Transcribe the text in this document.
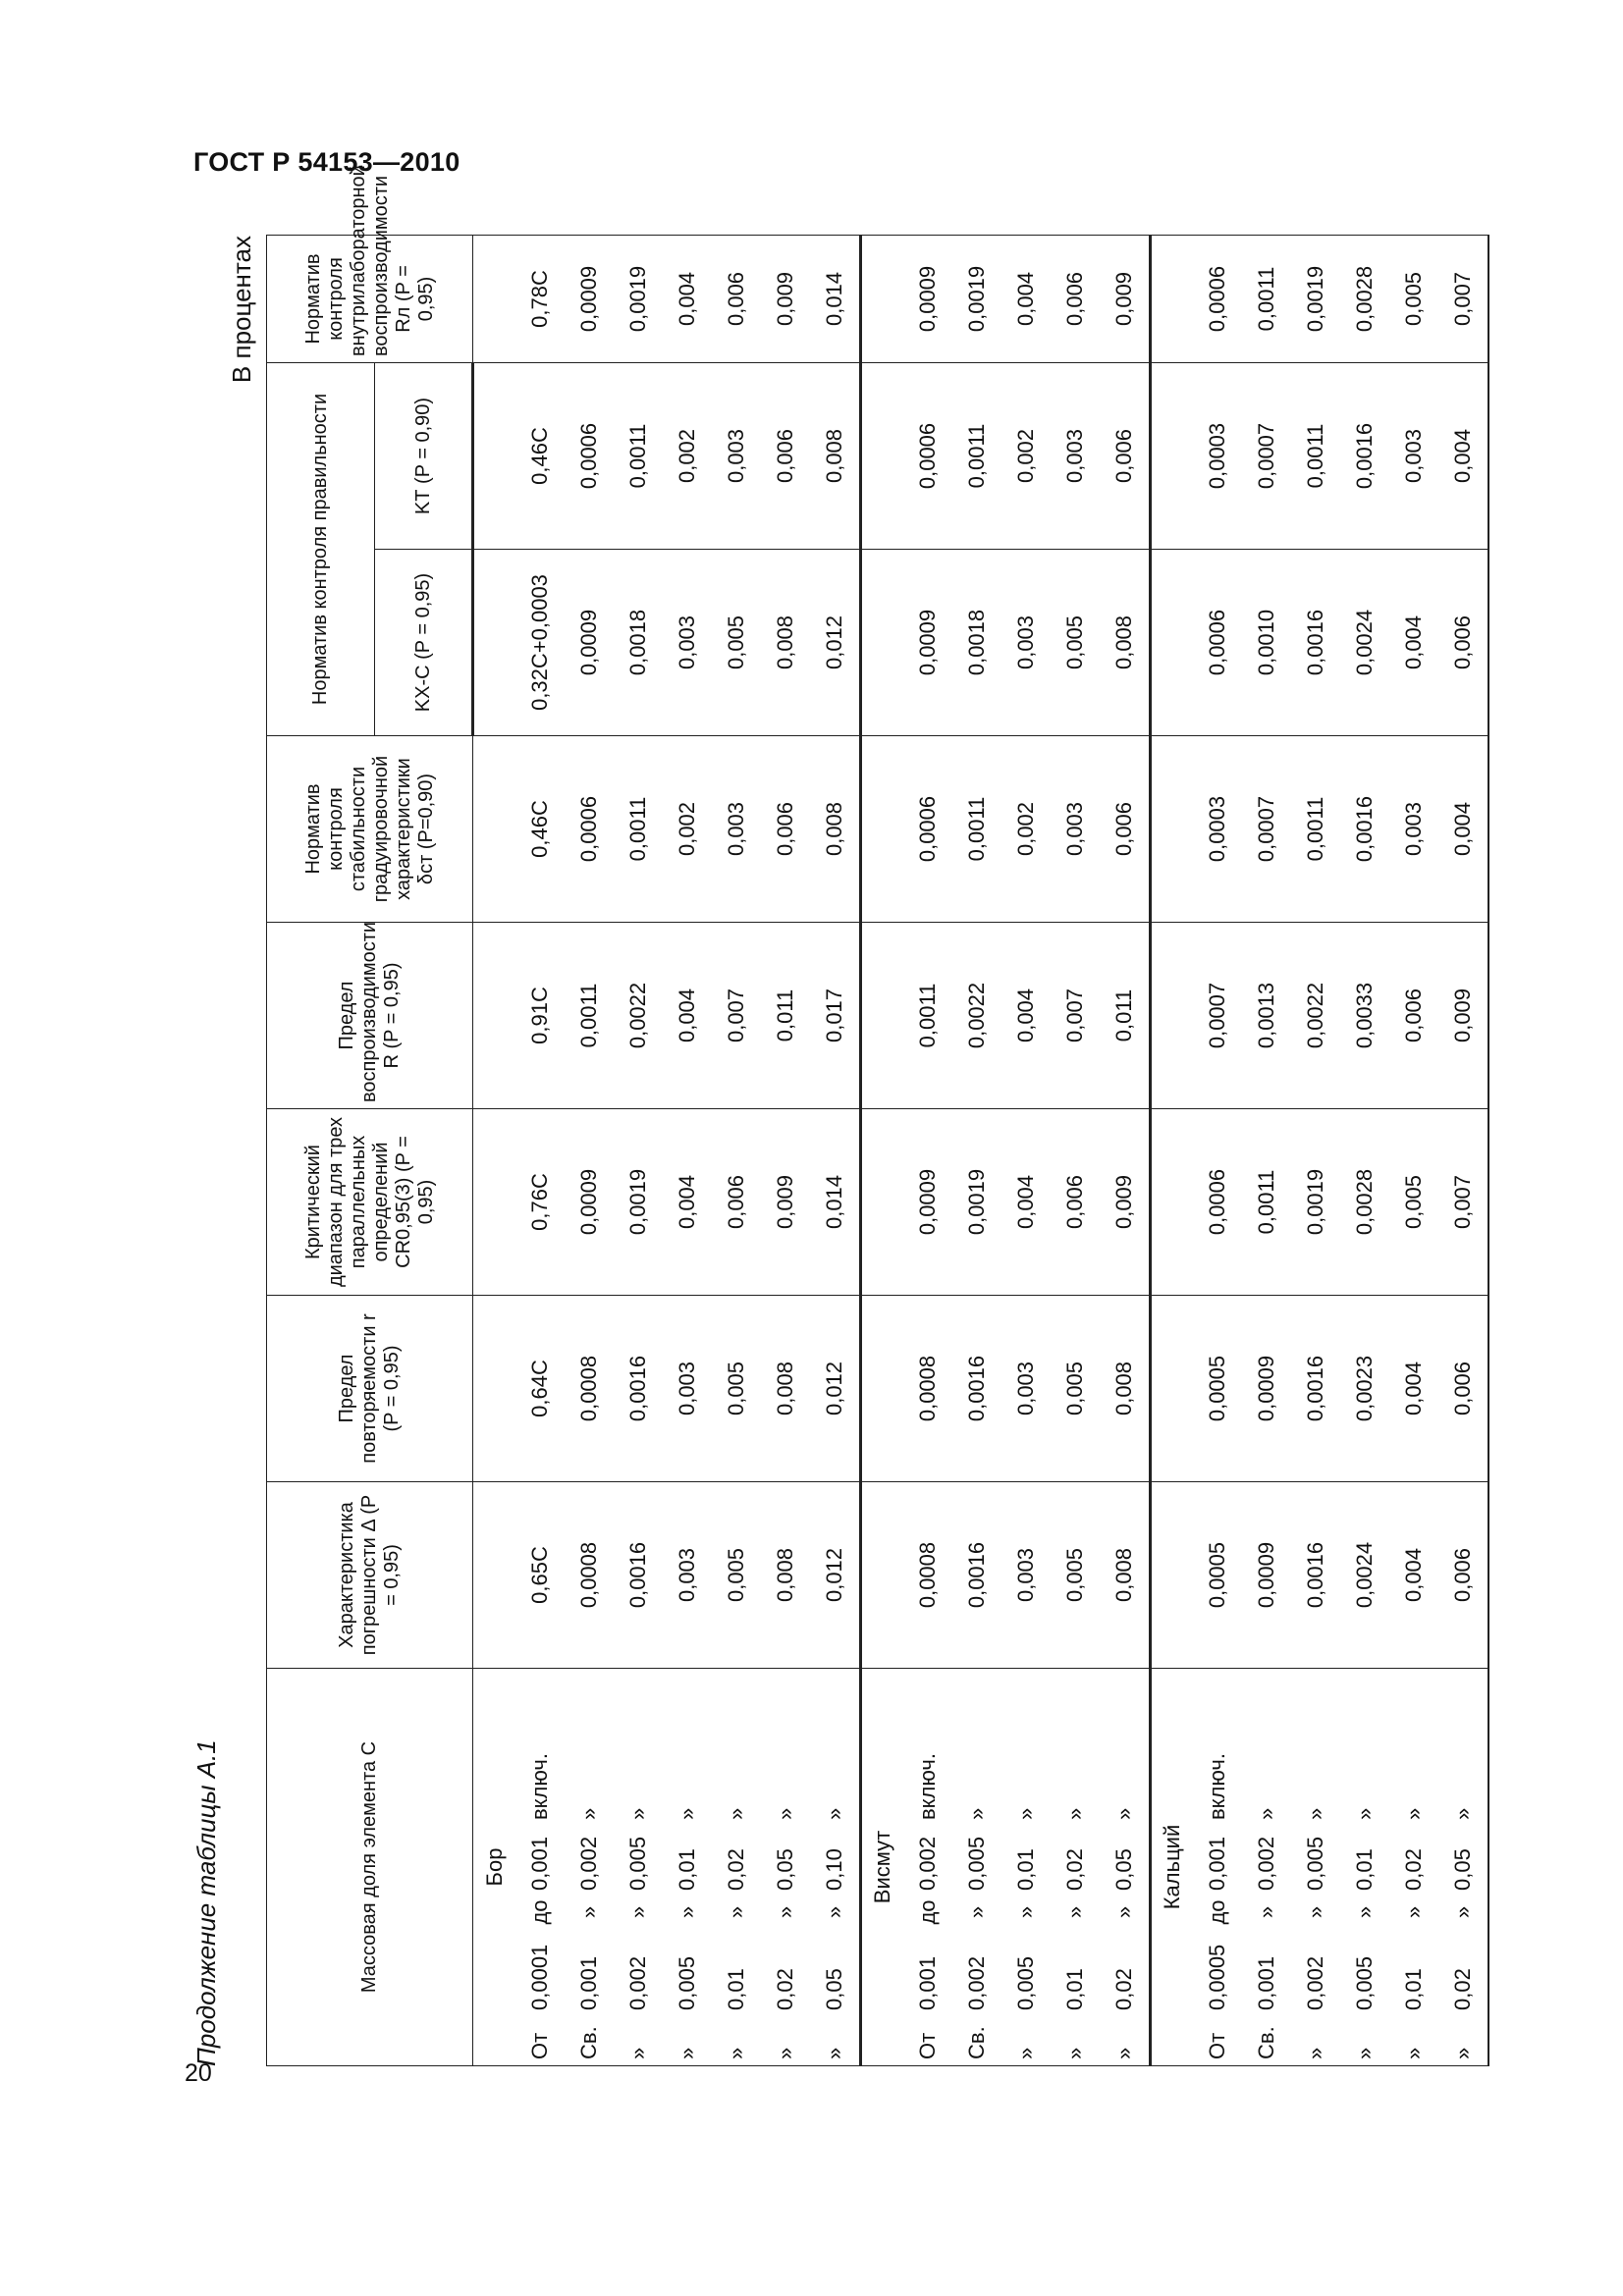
ГОСТ Р 54153—2010
20

Продолжение таблицы А.1

В процентах

Массовая доля элемента C	Характеристика погрешности Δ (P = 0,95)	Предел повторяемости r (P = 0,95)	Критический диапазон для трех параллельных определений CR0,95(3) (P = 0,95)	Предел воспроизводимости R (P = 0,95)	Норматив контроля стабильности градуировочной характеристики δст (P=0,90)	Норматив контроля правильности		Норматив контроля внутрилабораторной воспроизводимости Rл (P = 0,95)
						KX-C (P = 0,95)	KТ (P = 0,90)	
Бор								
От0,0001до0,001включ.	0,65C	0,64C	0,76C	0,91C	0,46C	0,32C+0,0003	0,46C	0,78C
Св.0,001»0,002»	0,0008	0,0008	0,0009	0,0011	0,0006	0,0009	0,0006	0,0009
»0,002»0,005»	0,0016	0,0016	0,0019	0,0022	0,0011	0,0018	0,0011	0,0019
»0,005»0,01»	0,003	0,003	0,004	0,004	0,002	0,003	0,002	0,004
»0,01»0,02»	0,005	0,005	0,006	0,007	0,003	0,005	0,003	0,006
»0,02»0,05»	0,008	0,008	0,009	0,011	0,006	0,008	0,006	0,009
»0,05»0,10»	0,012	0,012	0,014	0,017	0,008	0,012	0,008	0,014
Висмут								
От0,001до0,002включ.	0,0008	0,0008	0,0009	0,0011	0,0006	0,0009	0,0006	0,0009
Св.0,002»0,005»	0,0016	0,0016	0,0019	0,0022	0,0011	0,0018	0,0011	0,0019
»0,005»0,01»	0,003	0,003	0,004	0,004	0,002	0,003	0,002	0,004
»0,01»0,02»	0,005	0,005	0,006	0,007	0,003	0,005	0,003	0,006
»0,02»0,05»	0,008	0,008	0,009	0,011	0,006	0,008	0,006	0,009
Кальций								
От0,0005до0,001включ.	0,0005	0,0005	0,0006	0,0007	0,0003	0,0006	0,0003	0,0006
Св.0,001»0,002»	0,0009	0,0009	0,0011	0,0013	0,0007	0,0010	0,0007	0,0011
»0,002»0,005»	0,0016	0,0016	0,0019	0,0022	0,0011	0,0016	0,0011	0,0019
»0,005»0,01»	0,0024	0,0023	0,0028	0,0033	0,0016	0,0024	0,0016	0,0028
»0,01»0,02»	0,004	0,004	0,005	0,006	0,003	0,004	0,003	0,005
»0,02»0,05»	0,006	0,006	0,007	0,009	0,004	0,006	0,004	0,007
